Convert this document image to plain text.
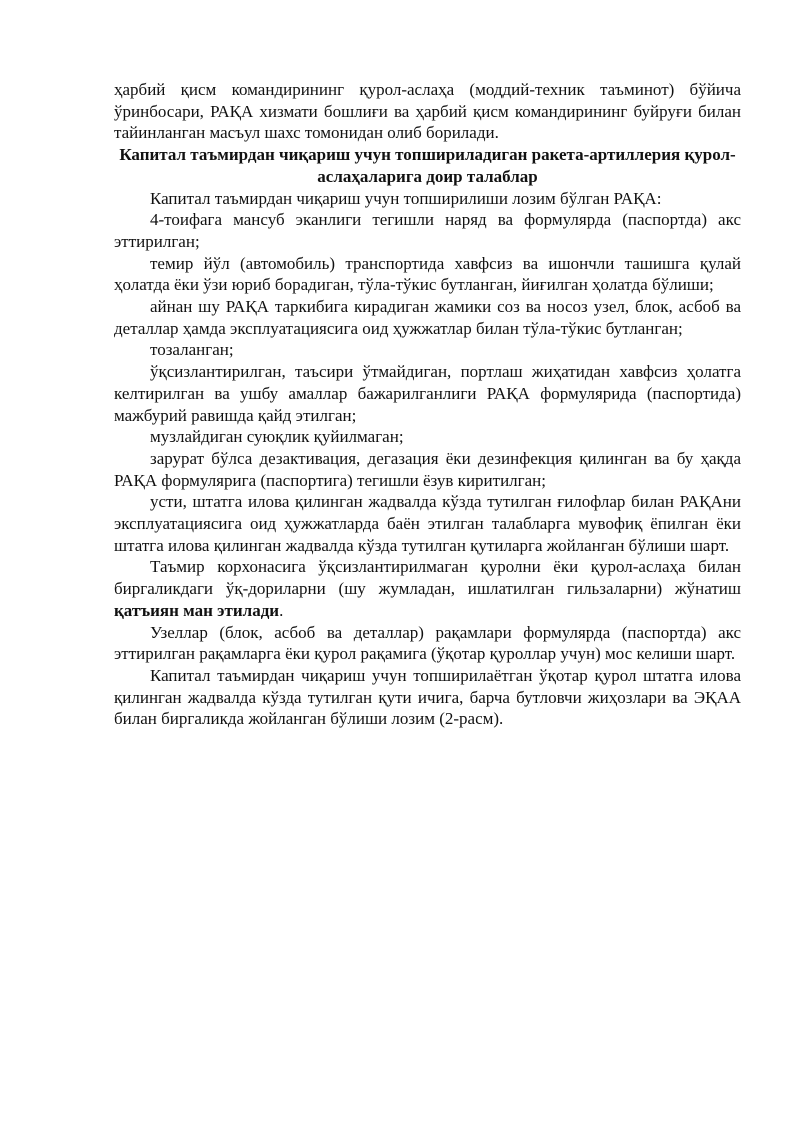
ҳарбий қисм командирининг қурол-аслаҳа (моддий-техник таъминот) бўйича ўринбосари, РАҚА хизмати бошлиғи ва ҳарбий қисм командирининг буйруғи билан тайинланган масъул шахс томонидан олиб борилади.

Капитал таъмирдан чиқариш учун топшириладиган ракета-артиллерия қурол-аслаҳаларига доир талаблар

Капитал таъмирдан чиқариш учун топширилиши лозим бўлган РАҚА:

4-тоифага мансуб эканлиги тегишли наряд ва формулярда (паспортда) акс эттирилган;

темир йўл (автомобиль) транспортида хавфсиз ва ишончли ташишга қулай ҳолатда ёки ўзи юриб борадиган, тўла-тўкис бутланган, йиғилган ҳолатда бўлиши;

айнан шу РАҚА таркибига кирадиган жамики соз ва носоз узел, блок, асбоб ва деталлар ҳамда эксплуатациясига оид ҳужжатлар билан тўла-тўкис бутланган;

тозаланган;

ўқсизлантирилган, таъсири ўтмайдиган, портлаш жиҳатидан хавфсиз ҳолатга келтирилган ва ушбу амаллар бажарилганлиги РАҚА формулярида (паспортида) мажбурий равишда қайд этилган;

музлайдиган суюқлик қуйилмаган;

зарурат бўлса дезактивация, дегазация ёки дезинфекция қилинган ва бу ҳақда РАҚА формулярига (паспортига) тегишли ёзув киритилган;

усти, штатга илова қилинган жадвалда кўзда тутилган ғилофлар билан РАҚАни эксплуатациясига оид ҳужжатларда баён этилган талабларга мувофиқ ёпилган ёки штатга илова қилинган жадвалда кўзда тутилган қутиларга жойланган бўлиши шарт.

Таъмир корхонасига ўқсизлантирилмаган қуролни ёки қурол-аслаҳа билан биргаликдаги ўқ-дориларни (шу жумладан, ишлатилган гильзаларни) жўнатиш қатъиян ман этилади.

Узеллар (блок, асбоб ва деталлар) рақамлари формулярда (паспортда) акс эттирилган рақамларга ёки қурол рақамига (ўқотар қуроллар учун) мос келиши шарт.

Капитал таъмирдан чиқариш учун топширилаётган ўқотар қурол штатга илова қилинган жадвалда кўзда тутилган қути ичига, барча бутловчи жиҳозлари ва ЭҚАА билан биргаликда жойланган бўлиши лозим (2-расм).
